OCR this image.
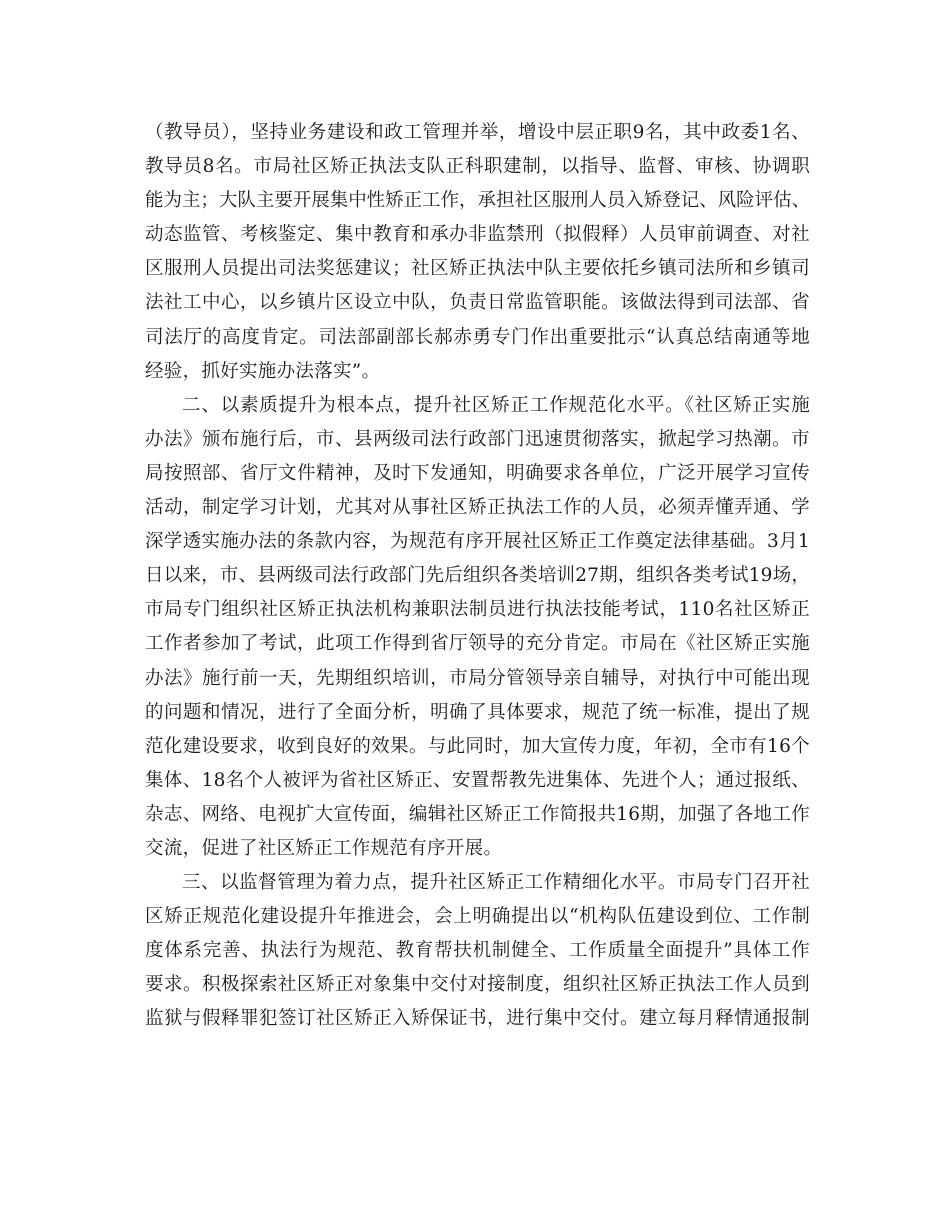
（教导员），坚持业务建设和政工管理并举，增设中层正职9名，其中政委1名、
教导员8名。市局社区矫正执法支队正科职建制，以指导、监督、审核、协调职
能为主；大队主要开展集中性矫正工作，承担社区服刑人员入矫登记、风险评估、
动态监管、考核鉴定、集中教育和承办非监禁刑（拟假释）人员审前调查、对社
区服刑人员提出司法奖惩建议；社区矫正执法中队主要依托乡镇司法所和乡镇司
法社工中心，以乡镇片区设立中队，负责日常监管职能。该做法得到司法部、省
司法厅的高度肯定。司法部副部长郝赤勇专门作出重要批示“认真总结南通等地
经验，抓好实施办法落实”。
二、以素质提升为根本点，提升社区矫正工作规范化水平。《社区矫正实施
办法》颁布施行后，市、县两级司法行政部门迅速贯彻落实，掀起学习热潮。市
局按照部、省厅文件精神，及时下发通知，明确要求各单位，广泛开展学习宣传
活动，制定学习计划，尤其对从事社区矫正执法工作的人员，必须弄懂弄通、学
深学透实施办法的条款内容，为规范有序开展社区矫正工作奠定法律基础。3月1
日以来，市、县两级司法行政部门先后组织各类培训27期，组织各类考试19场，
市局专门组织社区矫正执法机构兼职法制员进行执法技能考试，110名社区矫正
工作者参加了考试，此项工作得到省厅领导的充分肯定。市局在《社区矫正实施
办法》施行前一天，先期组织培训，市局分管领导亲自辅导，对执行中可能出现
的问题和情况，进行了全面分析，明确了具体要求，规范了统一标准，提出了规
范化建设要求，收到良好的效果。与此同时，加大宣传力度，年初，全市有16个
集体、18名个人被评为省社区矫正、安置帮教先进集体、先进个人；通过报纸、
杂志、网络、电视扩大宣传面，编辑社区矫正工作简报共16期，加强了各地工作
交流，促进了社区矫正工作规范有序开展。
三、以监督管理为着力点，提升社区矫正工作精细化水平。市局专门召开社
区矫正规范化建设提升年推进会，会上明确提出以“机构队伍建设到位、工作制
度体系完善、执法行为规范、教育帮扶机制健全、工作质量全面提升”具体工作
要求。积极探索社区矫正对象集中交付对接制度，组织社区矫正执法工作人员到
监狱与假释罪犯签订社区矫正入矫保证书，进行集中交付。建立每月释情通报制
